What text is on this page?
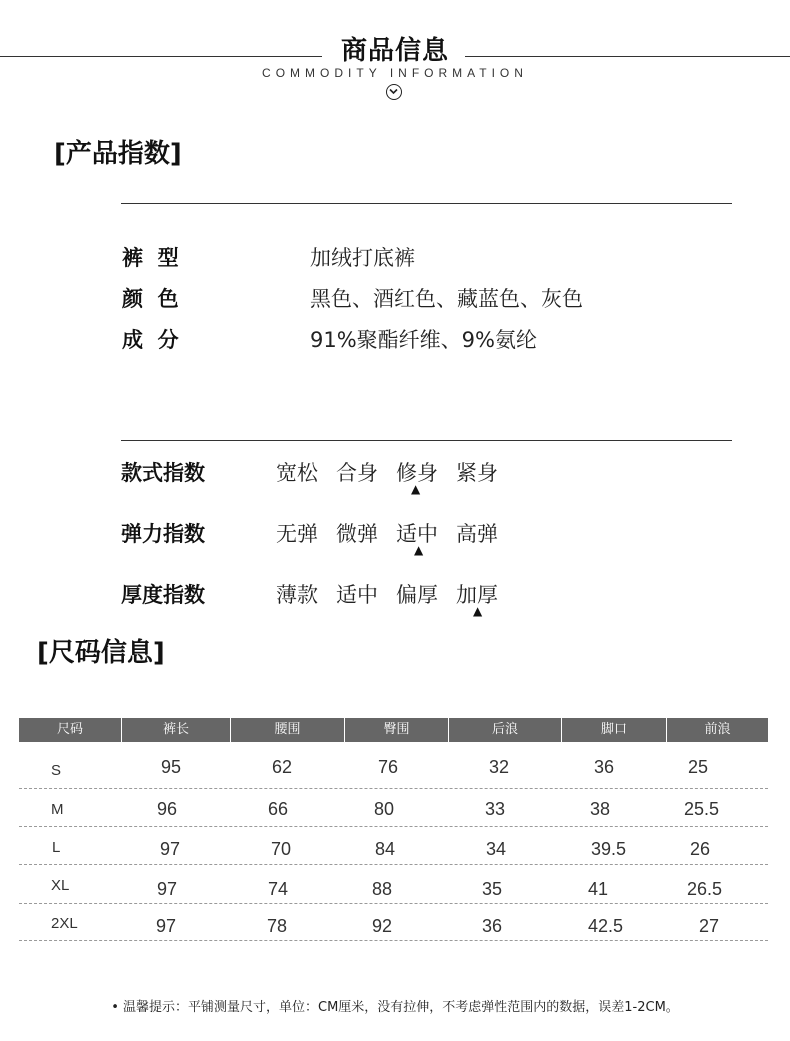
商品信息
COMMODITY INFORMATION
[产品指数]
裤  型	加绒打底裤
颜  色	黑色、酒红色、藏蓝色、灰色
成  分	91%聚酯纤维、9%氨纶
款式指数	宽松 合身 修身 紧身
▲
弹力指数	无弹 微弹 适中 高弹
▲
厚度指数	薄款 适中 偏厚 加厚
▲
[尺码信息]
尺码	裤长	腰围	臀围	后浪	脚口	前浪
S	95	62	76	32	36	25
M	96	66	80	33	38	25.5
L	97	70	84	34	39.5	26
XL	97	74	88	35	41	26.5
2XL	97	78	92	36	42.5	27
• 温馨提示：平铺测量尺寸，单位：CM厘米，没有拉伸，不考虑弹性范围内的数据，误差1-2CM。
